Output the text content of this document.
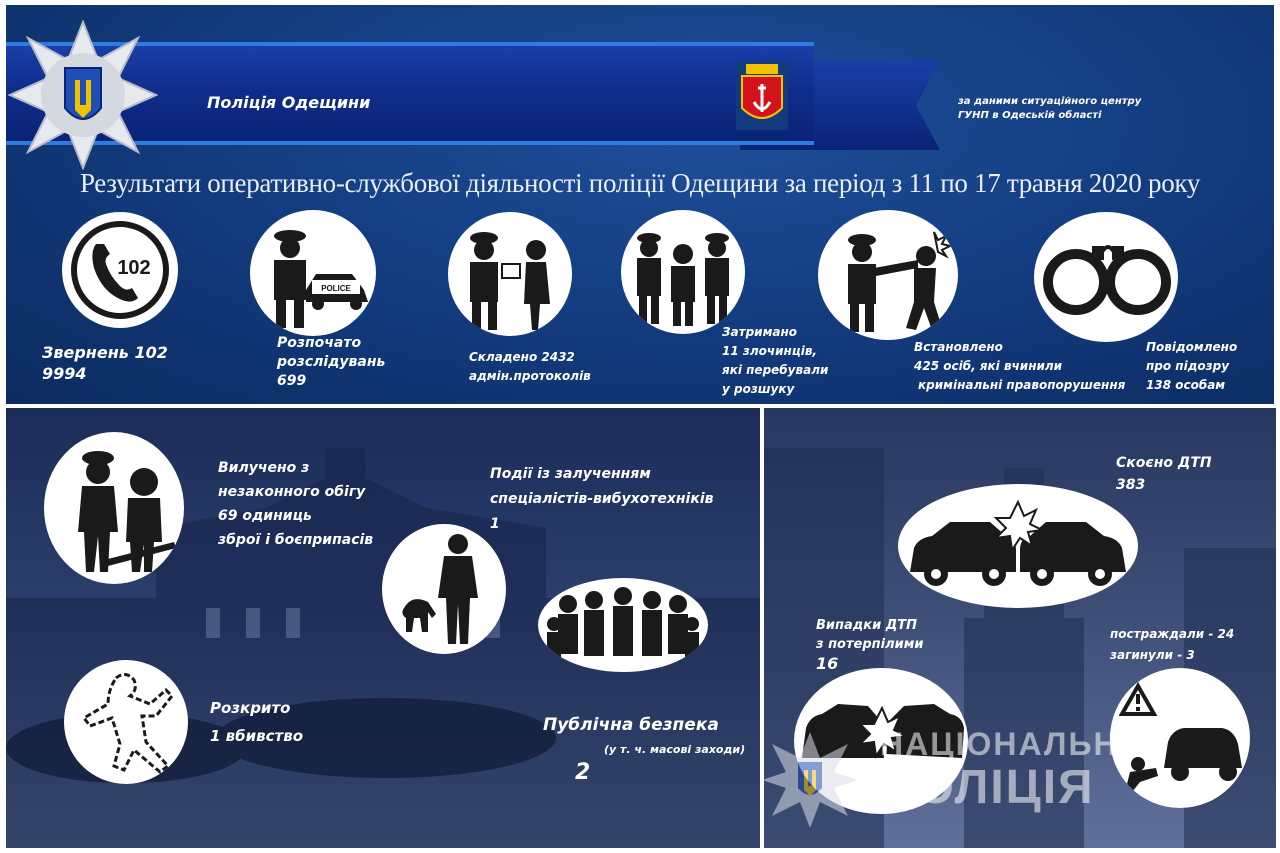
Поліція Одещини	за даними ситуаційного центру
ГУНП в Одеській області
Результати оперативно-службової діяльності поліції Одещини за період з 11 по 17 травня 2020 року
102
POLICE
Звернень 102
9994
Розпочато
розслідувань
699
Складено 2432
адмін.протоколів
Затримано
11 злочинців,
які перебували
у розшуку
Встановлено
425 осіб, які вчинили
кримінальні правопорушення
Повідомлено
про підозру
138 особам
Вилучено з
незаконного обігу
69 одиниць
зброї і боєприпасів
Події із залученням
спеціалістів-вибухотехніків
1
Розкрито
1 вбивство
Публічна безпека
(у т. ч. масові заходи)
2
Скоєно ДТП
383
Випадки ДТП
з потерпілими
16
постраждали - 24
загинули - 3
НАЦІОНАЛЬНА
ПОЛІЦІЯ
